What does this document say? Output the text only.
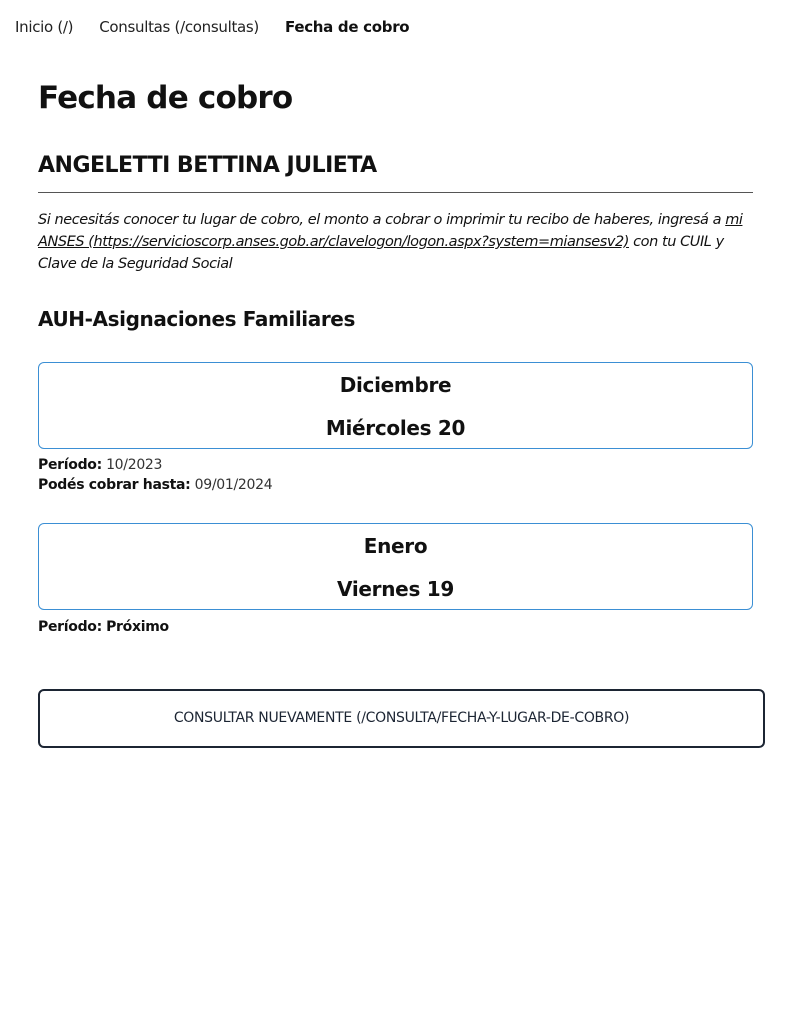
Inicio (/) Consultas (/consultas) Fecha de cobro
Fecha de cobro
ANGELETTI BETTINA JULIETA

Si necesitás conocer tu lugar de cobro, el monto a cobrar o imprimir tu recibo de haberes, ingresá a mi ANSES (https://servicioscorp.anses.gob.ar/clavelogon/logon.aspx?system=miansesv2) con tu CUIL y Clave de la Seguridad Social

AUH-Asignaciones Familiares
Diciembre
Miércoles 20
Período: 10/2023
Podés cobrar hasta: 09/01/2024
Enero
Viernes 19
Período: Próximo
CONSULTAR NUEVAMENTE (/CONSULTA/FECHA-Y-LUGAR-DE-COBRO)
